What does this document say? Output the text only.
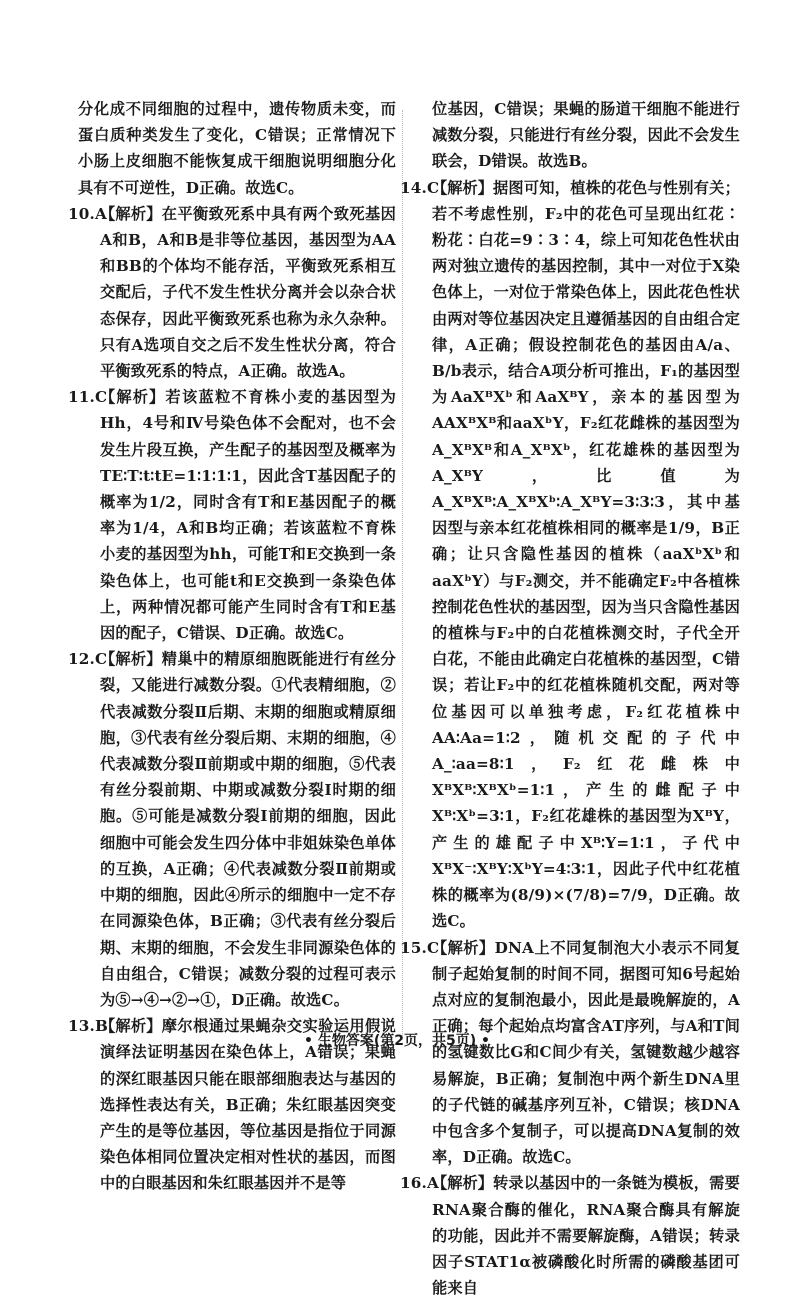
分化成不同细胞的过程中，遗传物质未变，而蛋白质种类发生了变化，C错误；正常情况下小肠上皮细胞不能恢复成干细胞说明细胞分化具有不可逆性，D正确。故选C。

10.A
【解析】在平衡致死系中具有两个致死基因A和B，A和B是非等位基因，基因型为AA和BB的个体均不能存活，平衡致死系相互交配后，子代不发生性状分离并会以杂合状态保存，因此平衡致死系也称为永久杂种。只有A选项自交之后不发生性状分离，符合平衡致死系的特点，A正确。故选A。

11.C
【解析】若该蓝粒不育株小麦的基因型为Hh，4号和Ⅳ号染色体不会配对，也不会发生片段互换，产生配子的基因型及概率为TE∶T∶t∶tE=1∶1∶1∶1，因此含T基因配子的概率为1/2，同时含有T和E基因配子的概率为1/4，A和B均正确；若该蓝粒不育株小麦的基因型为hh，可能T和E交换到一条染色体上，也可能t和E交换到一条染色体上，两种情况都可能产生同时含有T和E基因的配子，C错误、D正确。故选C。

12.C
【解析】精巢中的精原细胞既能进行有丝分裂，又能进行减数分裂。①代表精细胞，②代表减数分裂Ⅱ后期、末期的细胞或精原细胞，③代表有丝分裂后期、末期的细胞，④代表减数分裂Ⅱ前期或中期的细胞，⑤代表有丝分裂前期、中期或减数分裂Ⅰ时期的细胞。⑤可能是减数分裂Ⅰ前期的细胞，因此细胞中可能会发生四分体中非姐妹染色单体的互换，A正确；④代表减数分裂Ⅱ前期或中期的细胞，因此④所示的细胞中一定不存在同源染色体，B正确；③代表有丝分裂后期、末期的细胞，不会发生非同源染色体的自由组合，C错误；减数分裂的过程可表示为⑤→④→②→①，D正确。故选C。

13.B
【解析】摩尔根通过果蝇杂交实验运用假说演绎法证明基因在染色体上，A错误；果蝇的深红眼基因只能在眼部细胞表达与基因的选择性表达有关，B正确；朱红眼基因突变产生的是等位基因，等位基因是指位于同源染色体相同位置决定相对性状的基因，而图中的白眼基因和朱红眼基因并不是等

位基因，C错误；果蝇的肠道干细胞不能进行减数分裂，只能进行有丝分裂，因此不会发生联会，D错误。故选B。

14.C
【解析】据图可知，植株的花色与性别有关；若不考虑性别，F₂中的花色可呈现出红花∶粉花∶白花=9∶3∶4，综上可知花色性状由两对独立遗传的基因控制，其中一对位于X染色体上，一对位于常染色体上，因此花色性状由两对等位基因决定且遵循基因的自由组合定律，A正确；假设控制花色的基因由A/a、B/b表示，结合A项分析可推出，F₁的基因型为AaXᴮXᵇ和AaXᴮY，亲本的基因型为AAXᴮXᴮ和aaXᵇY，F₂红花雌株的基因型为A_XᴮXᴮ和A_XᴮXᵇ，红花雄株的基因型为A_XᴮY，比值为A_XᴮXᴮ∶A_XᴮXᵇ∶A_XᴮY=3∶3∶3，其中基因型与亲本红花植株相同的概率是1/9，B正确；让只含隐性基因的植株（aaXᵇXᵇ和aaXᵇY）与F₂测交，并不能确定F₂中各植株控制花色性状的基因型，因为当只含隐性基因的植株与F₂中的白花植株测交时，子代全开白花，不能由此确定白花植株的基因型，C错误；若让F₂中的红花植株随机交配，两对等位基因可以单独考虑，F₂红花植株中AA∶Aa=1∶2，随机交配的子代中A_∶aa=8∶1，F₂红花雌株中XᴮXᴮ∶XᴮXᵇ=1∶1，产生的雌配子中Xᴮ∶Xᵇ=3∶1，F₂红花雄株的基因型为XᴮY，产生的雄配子中Xᴮ∶Y=1∶1，子代中XᴮX⁻∶XᴮY∶XᵇY=4∶3∶1，因此子代中红花植株的概率为(8/9)×(7/8)=7/9，D正确。故选C。

15.C
【解析】DNA上不同复制泡大小表示不同复制子起始复制的时间不同，据图可知6号起始点对应的复制泡最小，因此是最晚解旋的，A正确；每个起始点均富含AT序列，与A和T间的氢键数比G和C间少有关，氢键数越少越容易解旋，B正确；复制泡中两个新生DNA里的子代链的碱基序列互补，C错误；核DNA中包含多个复制子，可以提高DNA复制的效率，D正确。故选C。

16.A
【解析】转录以基因中的一条链为模板，需要RNA聚合酶的催化，RNA聚合酶具有解旋的功能，因此并不需要解旋酶，A错误；转录因子STAT1α被磷酸化时所需的磷酸基团可能来自

• 生物答案(第2页，共5页) •
